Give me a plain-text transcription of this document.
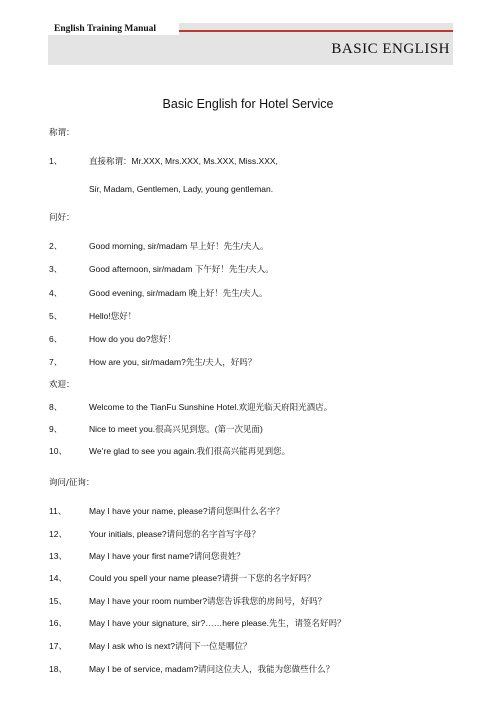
English Training Manual
BASIC ENGLISH
Basic English for Hotel Service
称谓：
1、	直接称谓：Mr.XXX, Mrs.XXX, Ms.XXX, Miss.XXX,
Sir, Madam, Gentlemen, Lady, young gentleman.
问好：
2、	Good morning, sir/madam 早上好！先生/夫人。
3、	Good afternoon, sir/madam 下午好！先生/夫人。
4、	Good evening, sir/madam 晚上好！先生/夫人。
5、	Hello!您好！
6、	How do you do?您好！
7、	How are you, sir/madam?先生/夫人，好吗？
欢迎：
8、	Welcome to the TianFu Sunshine Hotel.欢迎光临天府阳光酒店。
9、	Nice to meet you.很高兴见到您。(第一次见面)
10、	We’re glad to see you again.我们很高兴能再见到您。
询问/征询：
11、	May I have your name, please?请问您叫什么名字？
12、	Your initials, please?请问您的名字首写字母？
13、	May I have your first name?请问您贵姓？
14、	Could you spell your name please?请拼一下您的名字好吗？
15、	May I have your room number?请您告诉我您的房间号，好吗？
16、	May I have your signature, sir?……here please.先生，请签名好吗？
17、	May I ask who is next?请问下一位是哪位？
18、	May I be of service, madam?请问这位夫人，我能为您做些什么？
